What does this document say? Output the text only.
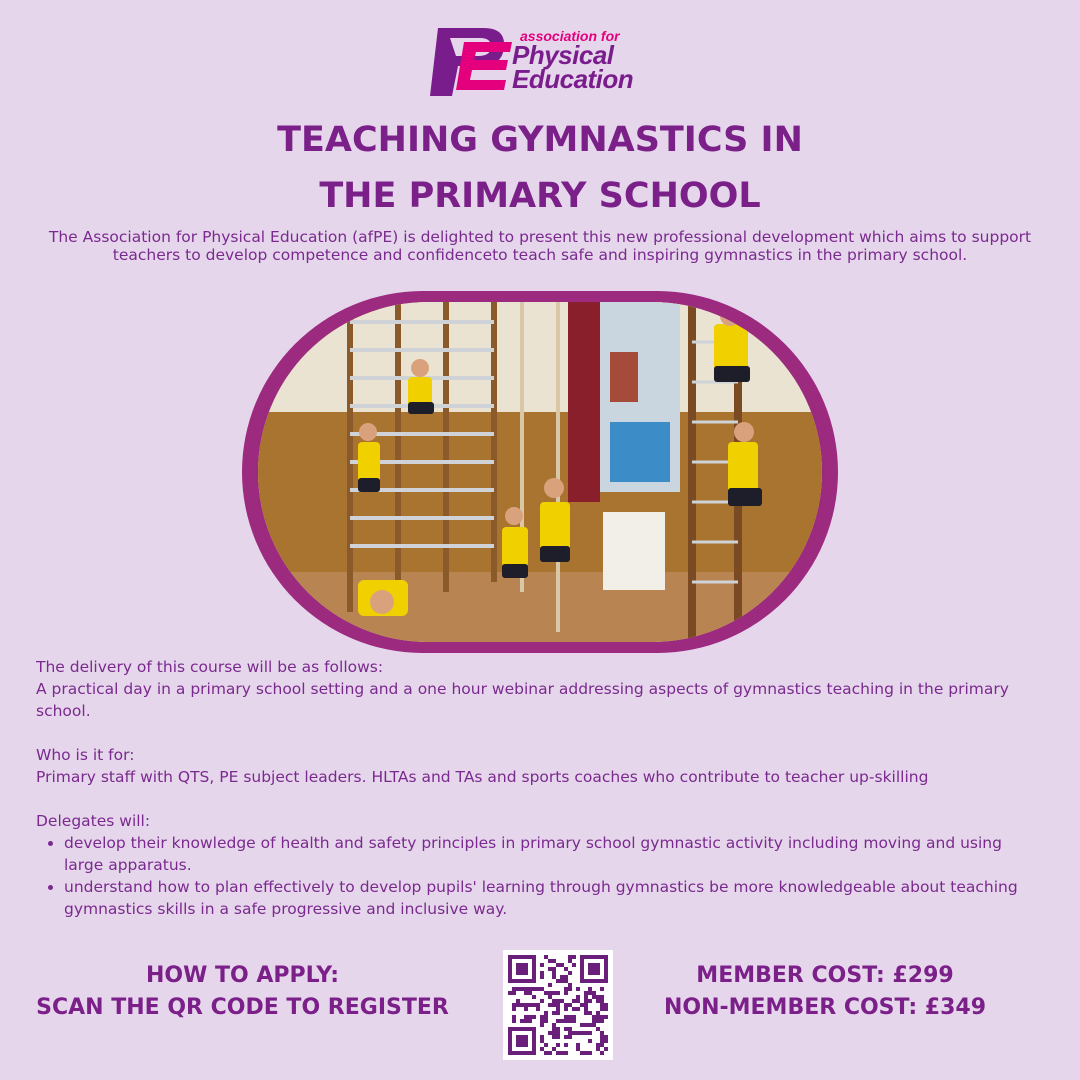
association for
Physical
Education
TEACHING GYMNASTICS IN
THE PRIMARY SCHOOL
The Association for Physical Education (afPE) is delighted to present this new professional development which aims to support teachers to develop competence and confidenceto teach safe and inspiring gymnastics in the primary school.

The delivery of this course will be as follows:

A practical day in a primary school setting and a one hour webinar addressing aspects of gymnastics teaching in the primary school.

Who is it for:

Primary staff with QTS, PE subject leaders. HLTAs and TAs and sports coaches who contribute to teacher up-skilling

Delegates will:

• develop their knowledge of health and safety principles in primary school gymnastic activity including moving and using large apparatus.
• understand how to plan effectively to develop pupils' learning through gymnastics be more knowledgeable about teaching gymnastics skills in a safe progressive and inclusive way.
HOW TO APPLY:
SCAN THE QR CODE TO REGISTER
MEMBER COST: £299
NON-MEMBER COST: £349
